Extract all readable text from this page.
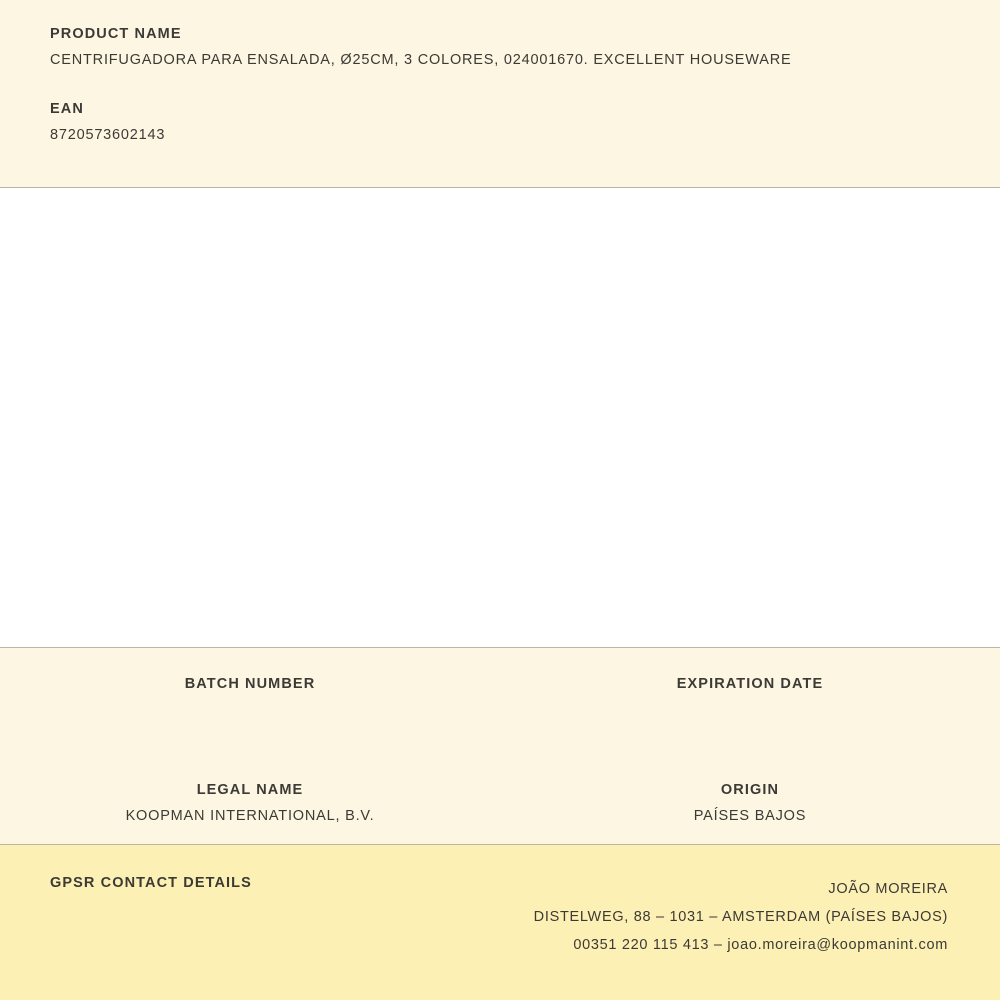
PRODUCT NAME

CENTRIFUGADORA PARA ENSALADA, Ø25CM, 3 COLORES, 024001670. EXCELLENT HOUSEWARE

EAN

8720573602143

BATCH NUMBER	EXPIRATION DATE

LEGAL NAME

KOOPMAN INTERNATIONAL, B.V.

ORIGIN

PAÍSES BAJOS

GPSR CONTACT DETAILS	JOÃO MOREIRA
DISTELWEG, 88 – 1031 – AMSTERDAM (PAÍSES BAJOS)
00351 220 115 413 – joao.moreira@koopmanint.com
